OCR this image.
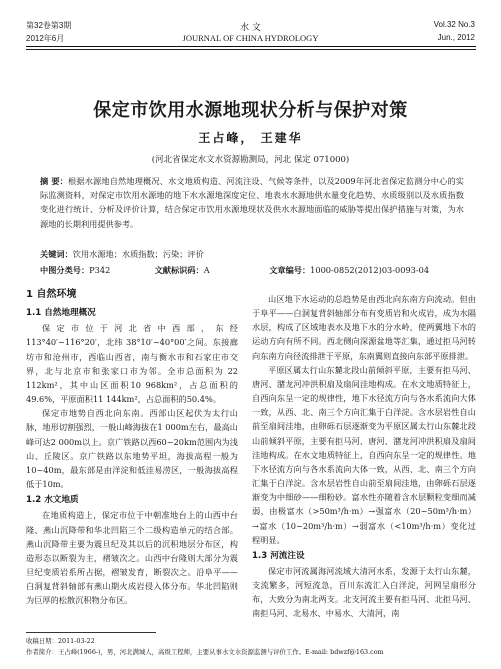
第32卷第3期
2012年6月
水 文
JOURNAL OF CHINA HYDROLOGY
Vol.32 No.3
Jun., 2012
保定市饮用水源地现状分析与保护对策
王占峰， 王建华
(河北省保定水文水资源勘测局，河北 保定 071000)
摘 要：根据水源地自然地理概况、水文地质构造、河流注设、气候等条件，以及2009年河北省保定监测分中心的实际监测资料，对保定市饮用水源地的地下水水源地深度定位、地表水水源地供水量变化趋势、水质级别以及水质指数变化进行统计、分析及评价计算，结合保定市饮用水源地现状及供水水源地面临的威胁等提出保护措施与对策，为水源地的长期利用提供参考。
关键词：饮用水源地；水质指数；污染；评价
中图分类号：P342	文献标识码：A	文章编号：1000-0852(2012)03-0093-04
1 自然环境
1.1 自然地理概况

保定市位于河北省中西部，东经 113°40′~116°20′，北纬 38°10′~40°00′之间。东接廊坊市和沧州市，西临山西省，南与衡水市和石家庄市交界，北与北京市和张家口市为邻。全市总面积为 22 112km²，其中山区面积10 968km²，占总面积的49.6%，平原面积11 144km²，占总面积的50.4%。

保定市地势自西北向东南。西部山区起伏为太行山脉，地形切割强烈，一般山峰海拔在1 000m左右，最高山峰可达2 000m以上。京广铁路以西60~20km范围内为浅山、丘陵区。京广铁路以东地势平坦，海拔高程一般为10~40m，最东部是由洋淀和低洼易涝区，一般海拔高程低于10m。

1.2 水文地质

在地质构造上，保定市位于中朝准地台上的山西中台隆、燕山沉降带和华北凹陷三个二级构造单元的结合部。燕山沉降带主要为震旦纪及其以后的沉积地层分布区，构造形态以断裂为主，褶皱次之。山西中台隆则大部分为震旦纪变质岩系所占据，褶皱发育，断裂次之。沿阜平——白洞复背斜轴部有燕山期火成岩侵入体分布。华北凹陷则为巨厚的松散沉积物分布区。

山区地下水运动的总趋势是由西北向东南方向流动。但由于阜平——白洞复背斜轴部分布有变质岩和火成岩，成为水隔水层，构成了区域地表水及地下水的分水岭，使两翼地下水的运动方向有所不同。西北侧向深源盆地等汇集，通过拒马河转向东南方向径流排泄于平原，东南翼则直接向东部平原排泄。

平原区属太行山东麓北段山前倾斜平原，主要有拒马河、唐河、潴龙河冲洪积扇及扇间洼地构成。在水文地质特征上，自西向东呈一定的规律性，地下水径流方向与各水系流向大体一致，从西、北、南三个方向汇集于白洋淀。含水层岩性自山前至扇间洼地，由卵砾石层逐渐变为平原区属太行山东麓北段山前倾斜平原，主要有拒马河、唐河、潴龙河冲洪积扇及扇间洼地构成。在水文地质特征上，自西向东呈一定的规律性。地下水径流方向与各水系流向大体一致，从西、北、南三个方向汇集于白洋淀。含水层岩性自山前至扇间洼地，由卵砾石层逐渐变为中细砂——细粉砂。富水性亦随着含水层颗粒变细而减弱，由极富水（>50m³/h·m）→强富水（20~50m³/h·m）→富水（10~20m³/h·m）→弱富水（<10m³/h·m）变化过程明显。

1.3 河流注设

保定市河流属海河流域大清河水系，发源于太行山东麓，支流繁多，河短流急，百川东流汇入白洋淀，河网呈扇形分布，大致分为南北两支。北支河流主要有拒马河、北拒马河、南拒马河、北易水、中易水、大清河，南

收稿日期：2011-03-22
作者简介：王占峰(1966-)，男，河北满城人，高级工程师，主要从事水文水资源监测与评价工作。E-mail: bdwzf@163.com
